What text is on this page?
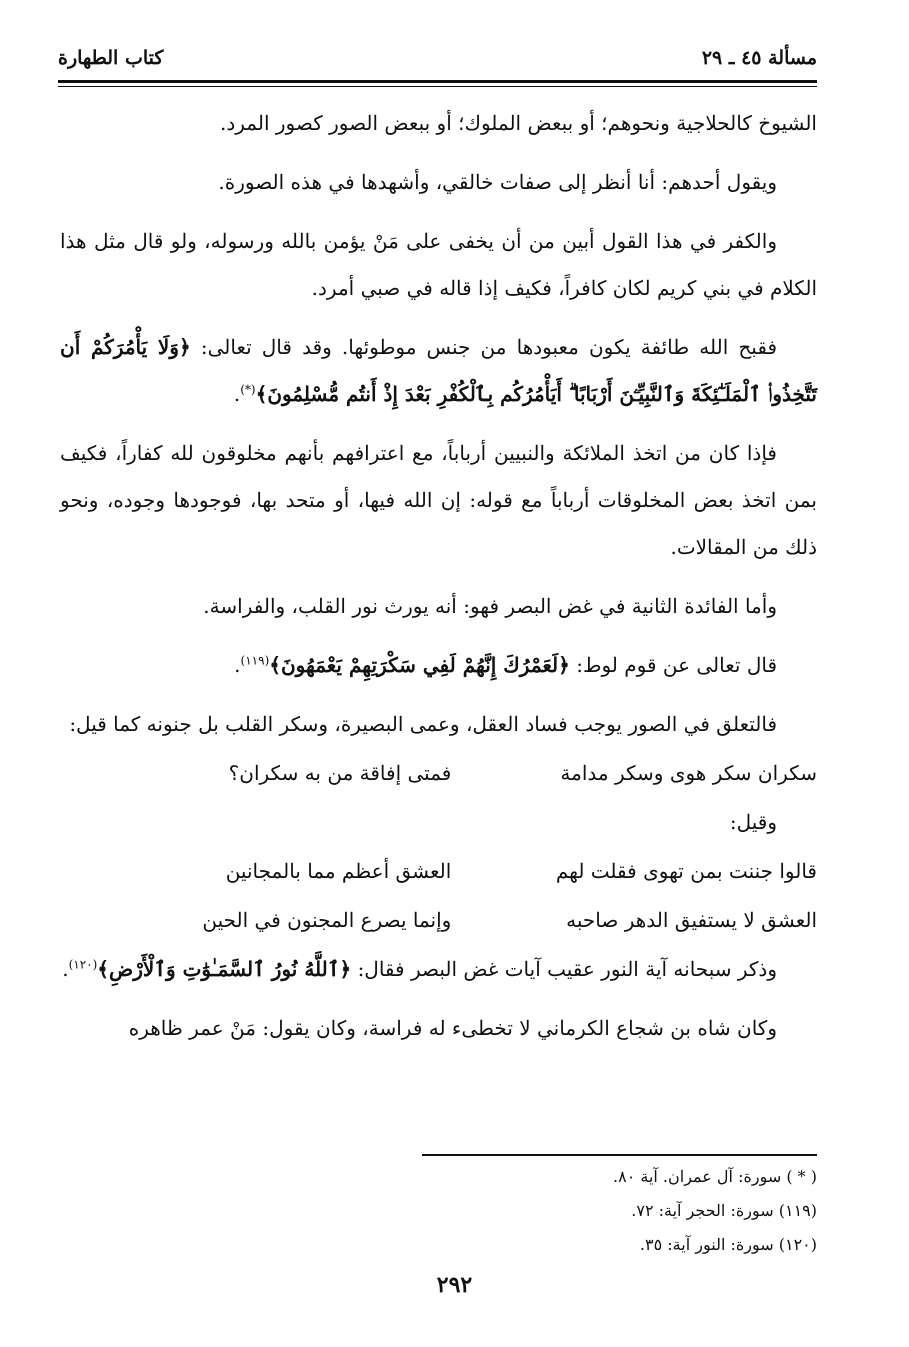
مسألة ٤٥ ـ ٢٩
كتاب الطهارة

الشيوخ كالحلاجية ونحوهم؛ أو ببعض الملوك؛ أو ببعض الصور كصور المرد.

ويقول أحدهم: أنا أنظر إلى صفات خالقي، وأشهدها في هذه الصورة.

والكفر في هذا القول أبين من أن يخفى على مَنْ يؤمن بالله ورسوله، ولو قال مثل هذا الكلام في بني كريم لكان كافراً، فكيف إذا قاله في صبي أمرد.

فقبح الله طائفة يكون معبودها من جنس موطوئها. وقد قال تعالى: ﴿وَلَا يَأْمُرَكُمْ أَن تَتَّخِذُوا۟ ٱلْمَلَـٰٓئِكَةَ وَٱلنَّبِيِّـۧنَ أَرْبَابًا ۗ أَيَأْمُرُكُم بِٱلْكُفْرِ بَعْدَ إِذْ أَنتُم مُّسْلِمُونَ﴾(*).

فإذا كان من اتخذ الملائكة والنبيين أرباباً، مع اعترافهم بأنهم مخلوقون لله كفاراً، فكيف بمن اتخذ بعض المخلوقات أرباباً مع قوله: إن الله فيها، أو متحد بها، فوجودها وجوده، ونحو ذلك من المقالات.

وأما الفائدة الثانية في غض البصر فهو: أنه يورث نور القلب، والفراسة.

قال تعالى عن قوم لوط: ﴿لَعَمْرُكَ إِنَّهُمْ لَفِي سَكْرَتِهِمْ يَعْمَهُونَ﴾$^{(١١٩)}$.

فالتعلق في الصور يوجب فساد العقل، وعمى البصيرة، وسكر القلب بل جنونه كما قيل:

سكران سكر هوى وسكر مدامة
فمتى إفاقة من به سكران؟

وقيل:

قالوا جننت بمن تهوى فقلت لهم
العشق أعظم مما بالمجانين
العشق لا يستفيق الدهر صاحبه
وإنما يصرع المجنون في الحين

وذكر سبحانه آية النور عقيب آيات غض البصر فقال: ﴿ٱللَّهُ نُورُ ٱلسَّمَـٰوَٰتِ وَٱلْأَرْضِ﴾$^{(١٢٠)}$.

وكان شاه بن شجاع الكرماني لا تخطىء له فراسة، وكان يقول: مَنْ عمر ظاهره

( * ) سورة: آل عمران. آية ٨٠.
(١١٩) سورة: الحجر آية: ٧٢.
(١٢٠) سورة: النور آية: ٣٥.
٢٩٢
